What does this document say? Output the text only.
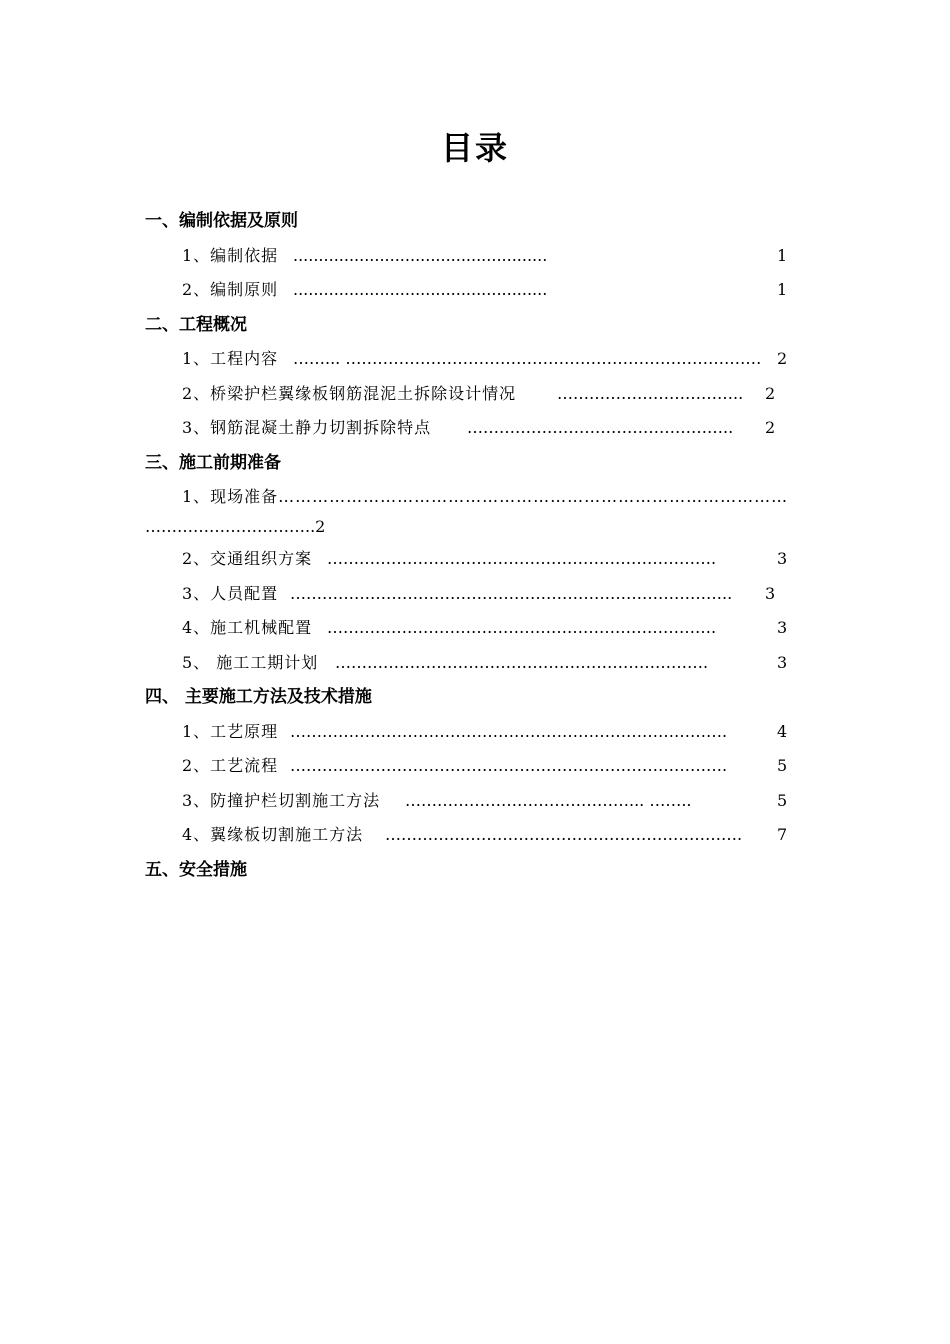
目录
一、编制依据及原则
1、编制依据 ..................................................	1
2、编制原则 ..................................................	1
二、工程概况
1、工程内容 ……... …………………………………………………………………… 2
2、桥梁护栏翼缘板钢筋混泥土拆除设计情况	……………………………..	2
3、钢筋混凝土静力切割拆除特点 …………………………………………..	2
三、施工前期准备
1、现场准备………………………………………………………………………………
…………………………..2
2、交通组织方案 ……………………………………………………………….	3
3、人员配置 ………………………………………………………………………..	3
4、施工机械配置 ……………………………………………………………….	3
5、 施工工期计划 …………………………………………………………….	3
四、 主要施工方法及技术措施
1、工艺原理 ……………………………………………………………………….	4
2、工艺流程 ……………………………………………………………………….	5
3、防撞护栏切割施工方法 ……………………………………... ……..	5
4、翼缘板切割施工方法 ………………………………………………………….	7
五、安全措施
